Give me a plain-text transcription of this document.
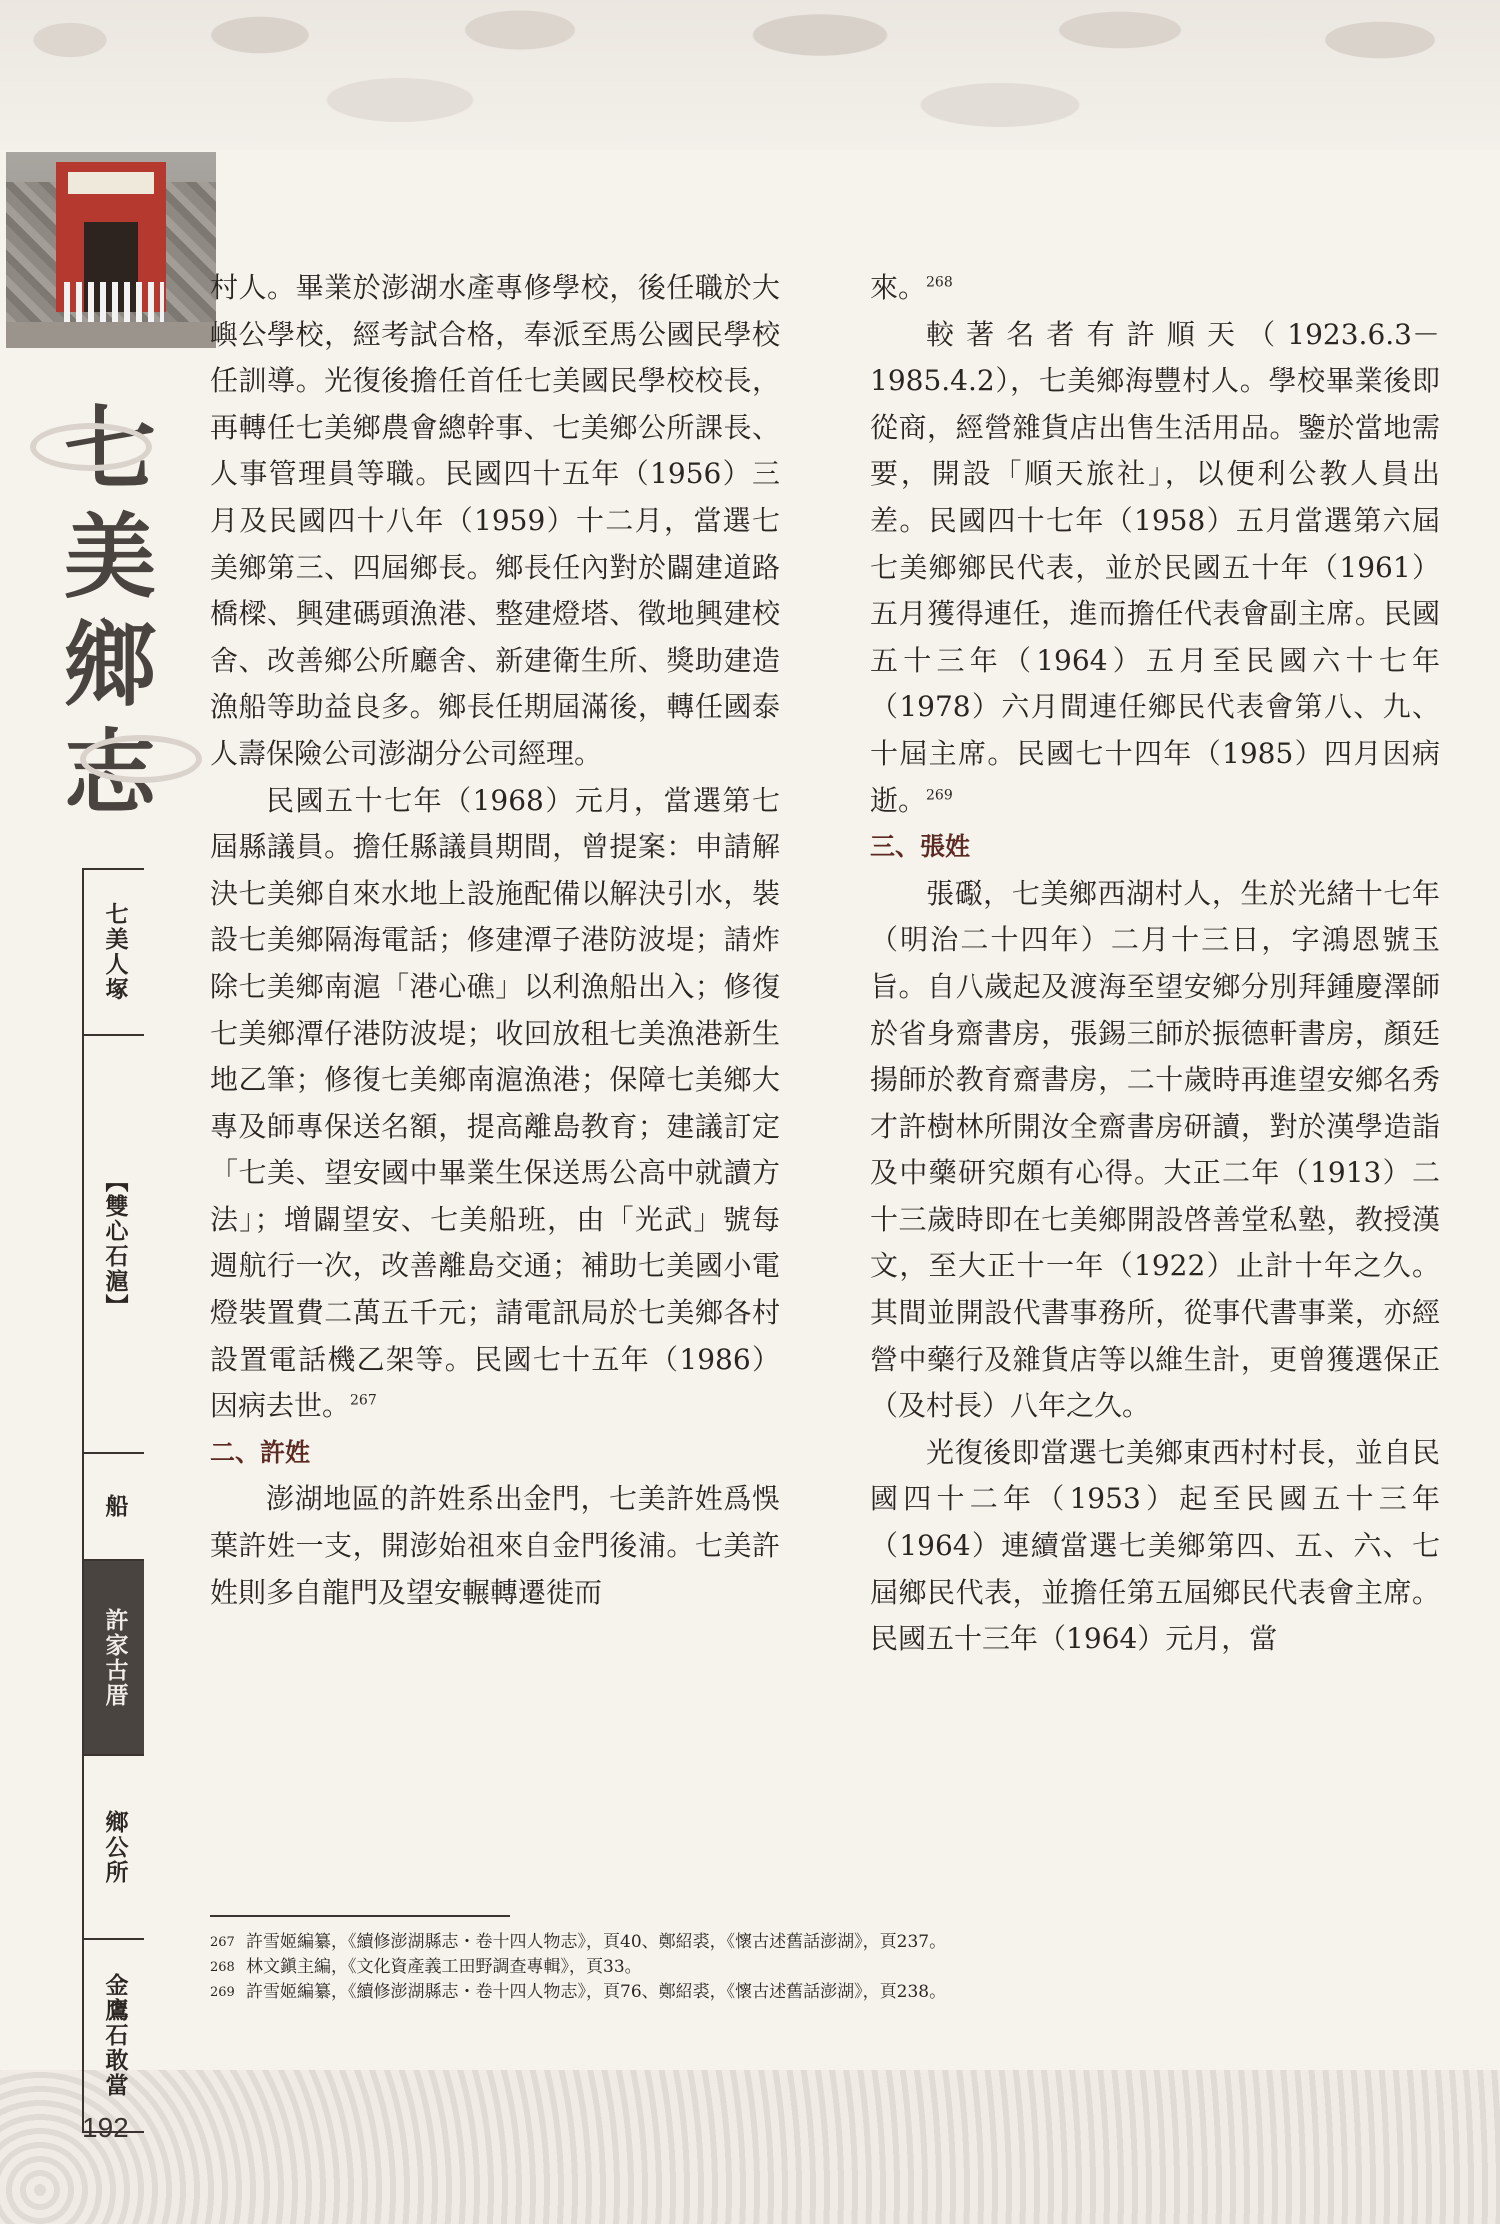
七
美
鄉
志
七美人塚
【雙心石滬】
船
許家古厝
鄉公所
金鷹石敢當

村人。畢業於澎湖水產專修學校，後任職於大嶼公學校，經考試合格，奉派至馬公國民學校任訓導。光復後擔任首任七美國民學校校長，再轉任七美鄉農會總幹事、七美鄉公所課長、人事管理員等職。民國四十五年（1956）三月及民國四十八年（1959）十二月，當選七美鄉第三、四屆鄉長。鄉長任內對於闢建道路橋樑、興建碼頭漁港、整建燈塔、徵地興建校舍、改善鄉公所廳舍、新建衛生所、獎助建造漁船等助益良多。鄉長任期屆滿後，轉任國泰人壽保險公司澎湖分公司經理。

民國五十七年（1968）元月，當選第七屆縣議員。擔任縣議員期間，曾提案：申請解決七美鄉自來水地上設施配備以解決引水，裝設七美鄉隔海電話；修建潭子港防波堤；請炸除七美鄉南滬「港心礁」以利漁船出入；修復七美鄉潭仔港防波堤；收回放租七美漁港新生地乙筆；修復七美鄉南滬漁港；保障七美鄉大專及師專保送名額，提高離島教育；建議訂定「七美、望安國中畢業生保送馬公高中就讀方法」；增闢望安、七美船班，由「光武」號每週航行一次，改善離島交通；補助七美國小電燈裝置費二萬五千元；請電訊局於七美鄉各村設置電話機乙架等。民國七十五年（1986）因病去世。$^{267}$

二、許姓

澎湖地區的許姓系出金門，七美許姓爲悞葉許姓一支，開澎始祖來自金門後浦。七美許姓則多自龍門及望安輾轉遷徙而

來。$^{268}$

較著名者有許順天（1923.6.3－1985.4.2），七美鄉海豐村人。學校畢業後即從商，經營雜貨店出售生活用品。鑒於當地需要，開設「順天旅社」，以便利公教人員出差。民國四十七年（1958）五月當選第六屆七美鄉鄉民代表，並於民國五十年（1961）五月獲得連任，進而擔任代表會副主席。民國五十三年（1964）五月至民國六十七年（1978）六月間連任鄉民代表會第八、九、十屆主席。民國七十四年（1985）四月因病逝。$^{269}$

三、張姓

張礟，七美鄉西湖村人，生於光緒十七年（明治二十四年）二月十三日，字鴻恩號玉旨。自八歲起及渡海至望安鄉分別拜鍾慶澤師於省身齋書房，張錫三師於振德軒書房，顏廷揚師於教育齋書房，二十歲時再進望安鄉名秀才許樹林所開汝全齋書房研讀，對於漢學造詣及中藥研究頗有心得。大正二年（1913）二十三歲時即在七美鄉開設啓善堂私塾，教授漢文，至大正十一年（1922）止計十年之久。其間並開設代書事務所，從事代書事業，亦經營中藥行及雜貨店等以維生計，更曾獲選保正（及村長）八年之久。

光復後即當選七美鄉東西村村長，並自民國四十二年（1953）起至民國五十三年（1964）連續當選七美鄉第四、五、六、七屆鄉民代表，並擔任第五屆鄉民代表會主席。民國五十三年（1964）元月，當

267 許雪姬編纂，《續修澎湖縣志・卷十四人物志》，頁40、鄭紹裘，《懷古述舊話澎湖》，頁237。
268 林文鎭主編，《文化資產義工田野調查專輯》，頁33。
269 許雪姬編纂，《續修澎湖縣志・卷十四人物志》，頁76、鄭紹裘，《懷古述舊話澎湖》，頁238。
192
